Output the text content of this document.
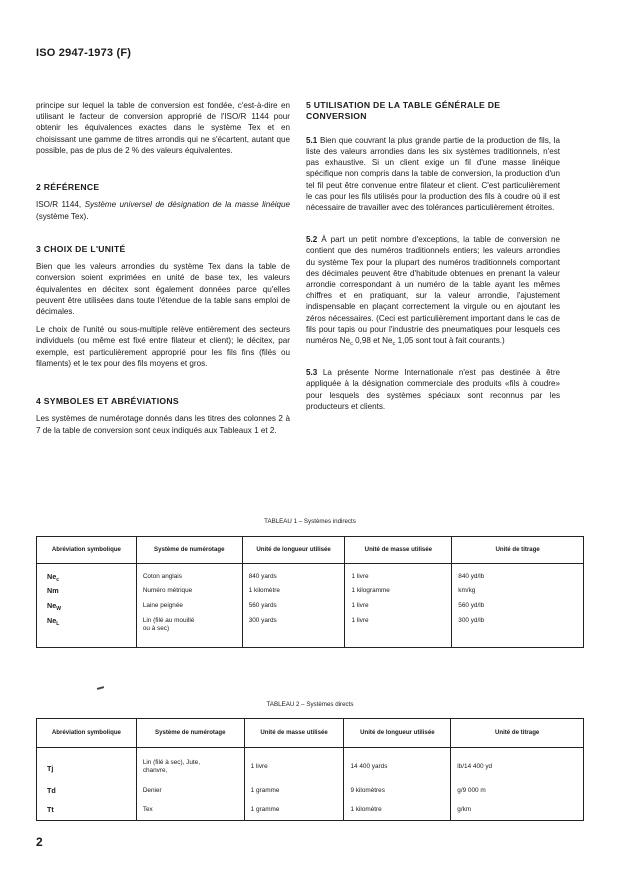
ISO 2947-1973 (F)

principe sur lequel la table de conversion est fondée, c'est-à-dire en utilisant le facteur de conversion approprié de l'ISO/R 1144 pour obtenir les équivalences exactes dans le système Tex et en choisissant une gamme de titres arrondis qui ne s'écartent, autant que possible, pas de plus de 2 % des valeurs équivalentes.

2 RÉFÉRENCE

ISO/R 1144, Système universel de désignation de la masse linéique (système Tex).

3 CHOIX DE L'UNITÉ

Bien que les valeurs arrondies du système Tex dans la table de conversion soient exprimées en unité de base tex, les valeurs équivalentes en décitex sont également données parce qu'elles peuvent être utilisées dans toute l'étendue de la table sans emploi de décimales.

Le choix de l'unité ou sous-multiple relève entièrement des secteurs individuels (ou même est fixé entre filateur et client); le décitex, par exemple, est particulièrement approprié pour les fils fins (filés ou filaments) et le tex pour des fils moyens et gros.

4 SYMBOLES ET ABRÉVIATIONS

Les systèmes de numérotage donnés dans les titres des colonnes 2 à 7 de la table de conversion sont ceux indiqués aux Tableaux 1 et 2.

5 UTILISATION DE LA TABLE GÉNÉRALE DE CONVERSION

5.1 Bien que couvrant la plus grande partie de la production de fils, la liste des valeurs arrondies dans les six systèmes traditionnels, n'est pas exhaustive. Si un client exige un fil d'une masse linéique spécifique non compris dans la table de conversion, la production d'un tel fil peut être convenue entre filateur et client. C'est particulièrement le cas pour les fils utilisés pour la production des fils à coudre où il est nécessaire de travailler avec des tolérances particulièrement étroites.

5.2 À part un petit nombre d'exceptions, la table de conversion ne contient que des numéros traditionnels entiers; les valeurs arrondies du système Tex pour la plupart des numéros traditionnels comportant des décimales peuvent être d'habitude obtenues en prenant la valeur arrondie correspondant à un numéro de la table ayant les mêmes chiffres et en pratiquant, sur la valeur arrondie, l'ajustement indispensable en plaçant correctement la virgule ou en ajoutant les zéros nécessaires. (Ceci est particulièrement important dans le cas de fils pour tapis ou pour l'industrie des pneumatiques pour lesquels ces numéros $Ne_c$ 0,98 et $Ne_c$ 1,05 sont tout à fait courants.)

5.3 La présente Norme Internationale n'est pas destinée à être appliquée à la désignation commerciale des produits «fils à coudre» pour lesquels des systèmes spéciaux sont reconnus par les producteurs et clients.

TABLEAU 1 – Systèmes indirects
Abréviation symbolique	Système de numérotage	Unité de longueur utilisée	Unité de masse utilisée	Unité de titrage
$Ne_c$	Coton anglais	840 yards	1 livre	840 yd/lb
Nm	Numéro métrique	1 kilomètre	1 kilogramme	km/kg
$Ne_W$	Laine peignée	560 yards	1 livre	560 yd/lb
$Ne_L$	Lin (filé au mouillé ou à sec)	300 yards	1 livre	300 yd/lb
TABLEAU 2 – Systèmes directs
Abréviation symbolique	Système de numérotage	Unité de masse utilisée	Unité de longueur utilisée	Unité de titrage
Tj	Lin (filé à sec), Jute, chanvre,	1 livre	14 400 yards	lb/14 400 yd
Td	Denier	1 gramme	9 kilomètres	g/9 000 m
Tt	Tex	1 gramme	1 kilomètre	g/km
2
